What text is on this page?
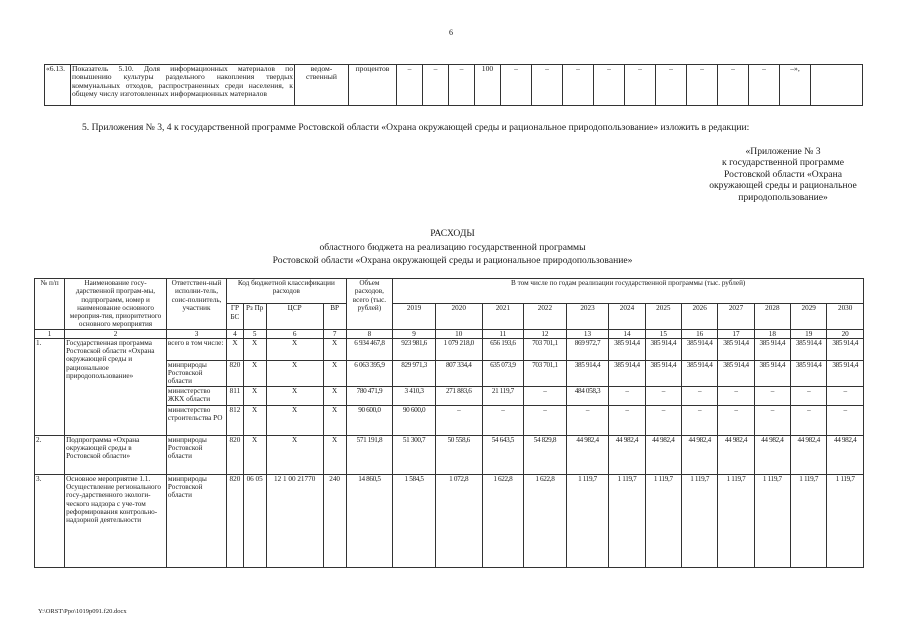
6
«6.13.	Показатель 5.10. Доля информационных материалов по повышению культуры раздельного накопления твердых коммунальных отходов, распространенных среди населения, к общему числу изготовленных информационных материалов	ведом-ственный	процентов	–	–	–	100	–	–	–	–	–	–	–	–	–	–»,	
5. Приложения № 3, 4 к государственной программе Ростовской области «Охрана окружающей среды и рациональное природопользование» изложить в редакции:
«Приложение № 3
к государственной программе
Ростовской области «Охрана
окружающей среды и рациональное
природопользование»
РАСХОДЫ
областного бюджета на реализацию государственной программы
Ростовской области «Охрана окружающей среды и рациональное природопользование»
№ п/п	Наименование госу-дарственной програм-мы, подпрограмм, номер и наименование основного мероприя-тия, приоритетного основного мероприятия	Ответствен-ный исполни-тель, соис-полнитель, участник	Код бюджетной классификации расходов				Объем расходов, всего (тыс. рублей)	В том числе по годам реализации государственной программы (тыс. рублей)											
			ГР БС	Рз Пр	ЦСР	ВР		2019	2020	2021	2022	2023	2024	2025	2026	2027	2028	2029	2030
1	2	3	4	5	6	7	8	9	10	11	12	13	14	15	16	17	18	19	20
1.	Государственная программа Ростовской области «Охрана окружающей среды и рациональное природопользование»	всего в том числе:	X	X	X	X	6 934 467,8	923 981,6	1 079 218,0	656 193,6	703 701,1	869 972,7	385 914,4	385 914,4	385 914,4	385 914,4	385 914,4	385 914,4	385 914,4
		минприроды Ростовской области	820	X	X	X	6 063 395,9	829 971,3	807 334,4	635 073,9	703 701,1	385 914,4	385 914,4	385 914,4	385 914,4	385 914,4	385 914,4	385 914,4	385 914,4
		министерство ЖКХ области	811	X	X	X	780 471,9	3 410,3	271 883,6	21 119,7	–	484 058,3	–	–	–	–	–	–	–
		министерство строительства РО	812	X	X	X	90 600,0	90 600,0	–	–	–	–	–	–	–	–	–	–	–
2.	Подпрограмма «Охрана окружающей среды в Ростовской области»	минприроды Ростовской области	820	X	X	X	571 191,8	51 300,7	50 558,6	54 643,5	54 829,8	44 982,4	44 982,4	44 982,4	44 982,4	44 982,4	44 982,4	44 982,4	44 982,4
3.	Основное мероприятие 1.1. Осуществление регионального госу-дарственного экологи-ческого надзора с уче-том реформирования контрольно-надзорной деятельности	минприроды Ростовской области	820	06 05	12 1 00 21770	240	14 860,5	1 584,5	1 072,8	1 622,8	1 622,8	1 119,7	1 119,7	1 119,7	1 119,7	1 119,7	1 119,7	1 119,7	1 119,7
Y:\ORST\Ppo\1019p091.f20.docx
